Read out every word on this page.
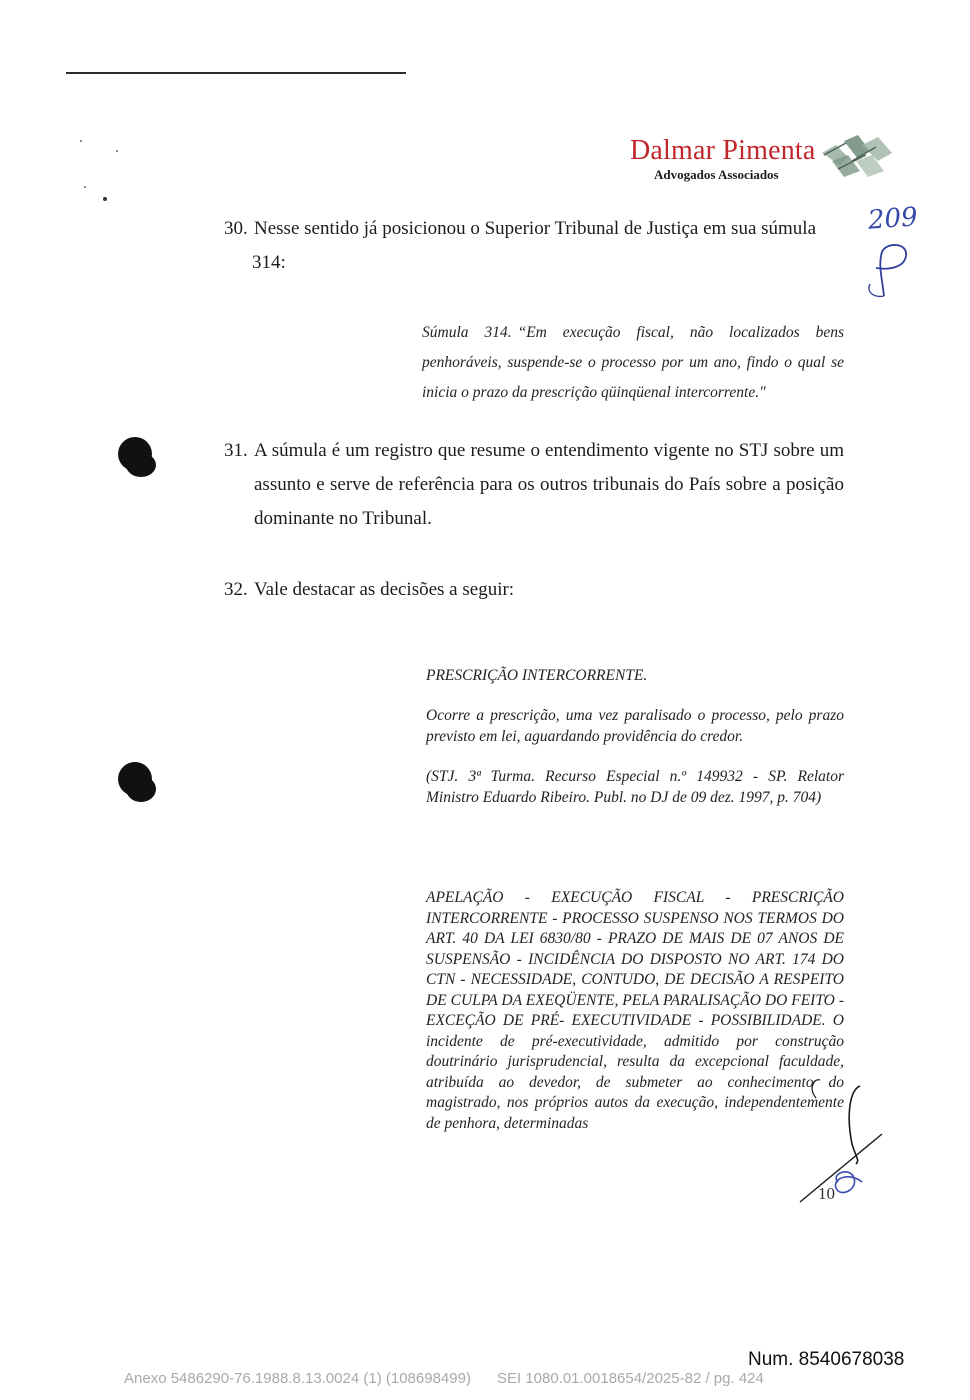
Dalmar Pimenta
Advogados Associados
209
30. Nesse sentido já posicionou o Superior Tribunal de Justiça em sua súmula
314:
Súmula 314. “Em execução fiscal, não localizados bens penhoráveis, suspende-se o processo por um ano, findo o qual se inicia o prazo da prescrição qüinqüenal intercorrente."
31. A súmula é um registro que resume o entendimento vigente no STJ sobre um assunto e serve de referência para os outros tribunais do País sobre a posição dominante no Tribunal.
32. Vale destacar as decisões a seguir:
PRESCRIÇÃO INTERCORRENTE.
Ocorre a prescrição, uma vez paralisado o processo, pelo prazo previsto em lei, aguardando providência do credor.
(STJ. 3ª Turma. Recurso Especial n.º 149932 - SP. Relator Ministro Eduardo Ribeiro. Publ. no DJ de 09 dez. 1997, p. 704)
APELAÇÃO - EXECUÇÃO FISCAL - PRESCRIÇÃO INTERCORRENTE - PROCESSO SUSPENSO NOS TERMOS DO ART. 40 DA LEI 6830/80 - PRAZO DE MAIS DE 07 ANOS DE SUSPENSÃO - INCIDÊNCIA DO DISPOSTO NO ART. 174 DO CTN - NECESSIDADE, CONTUDO, DE DECISÃO A RESPEITO DE CULPA DA EXEQÜENTE, PELA PARALISAÇÃO DO FEITO - EXCEÇÃO DE PRÉ- EXECUTIVIDADE - POSSIBILIDADE. O incidente de pré-executividade, admitido por construção doutrinário jurisprudencial, resulta da excepcional faculdade, atribuída ao devedor, de submeter ao conhecimento do magistrado, nos próprios autos da execução, independentemente de penhora, determinadas
10
Num. 8540678038
Anexo 5486290-76.1988.8.13.0024 (1) (108698499) SEI 1080.01.0018654/2025-82 / pg. 424
